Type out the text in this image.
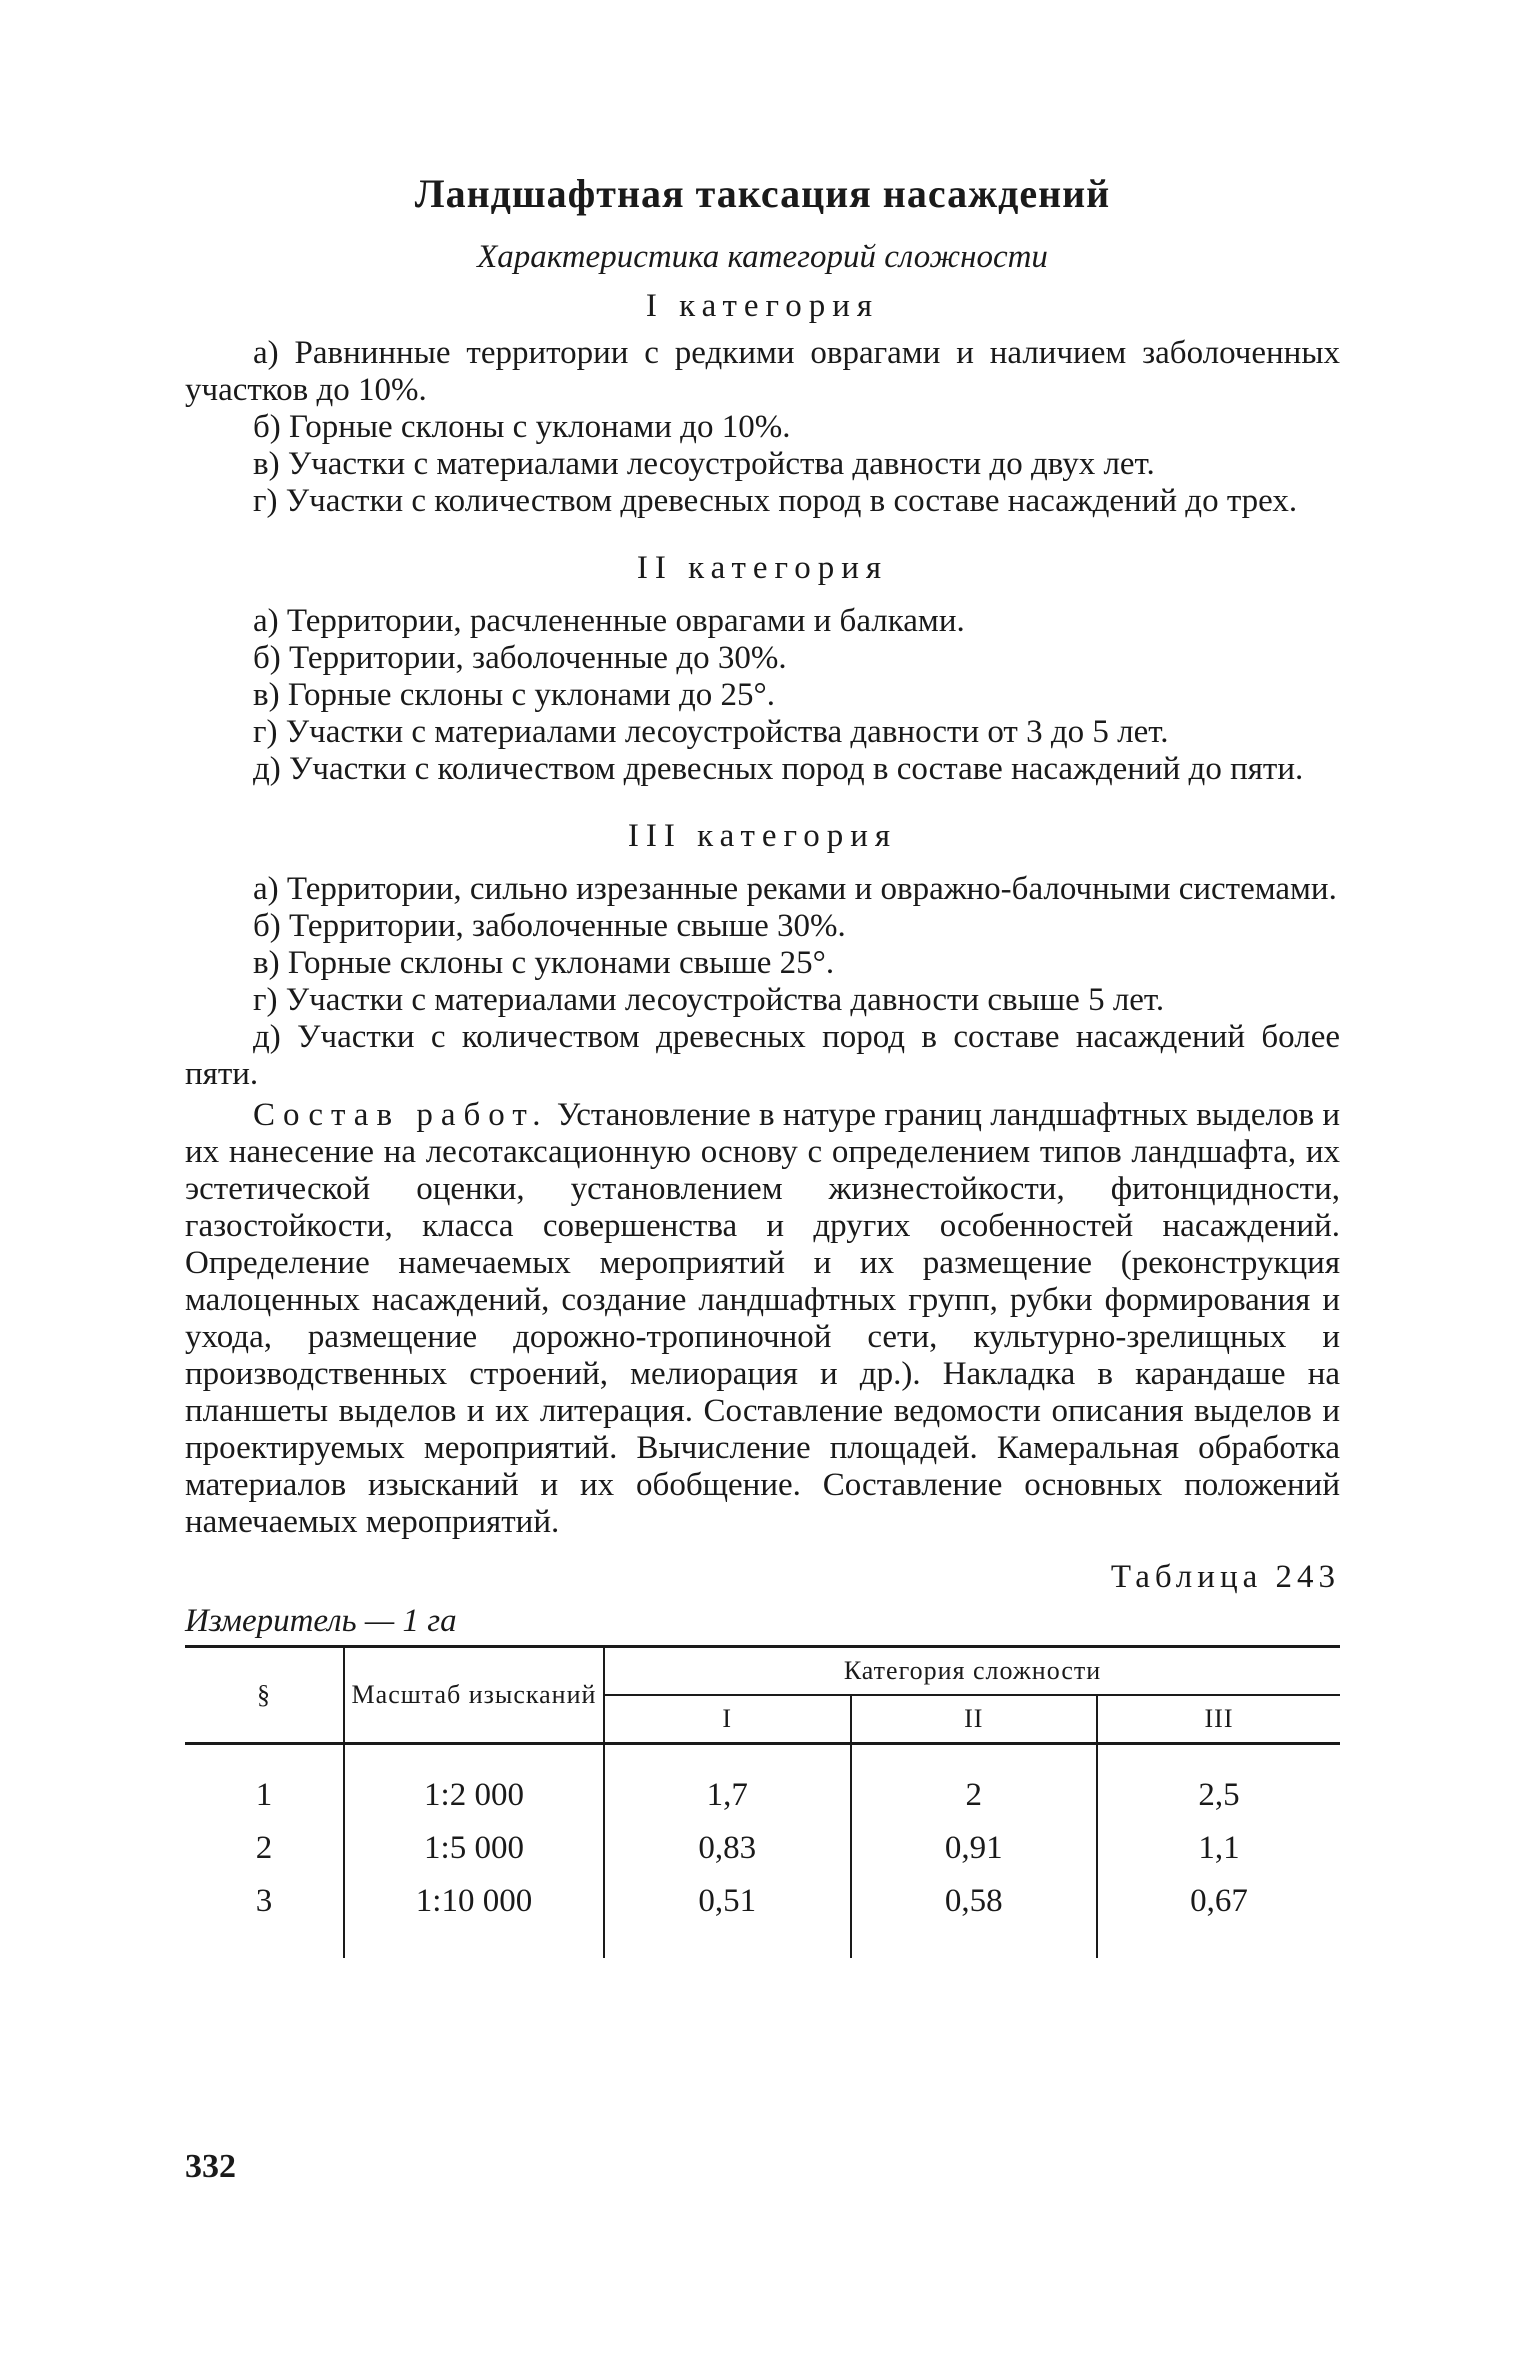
Ландшафтная таксация насаждений
Характеристика категорий сложности
I категория

а) Равнинные территории с редкими оврагами и наличием заболоченных участков до 10%.

б) Горные склоны с уклонами до 10%.

в) Участки с материалами лесоустройства давности до двух лет.

г) Участки с количеством древесных пород в составе насаждений до трех.

II категория

а) Территории, расчлененные оврагами и балками.

б) Территории, заболоченные до 30%.

в) Горные склоны с уклонами до 25°.

г) Участки с материалами лесоустройства давности от 3 до 5 лет.

д) Участки с количеством древесных пород в составе насаждений до пяти.

III категория

а) Территории, сильно изрезанные реками и овражно-балочными системами.

б) Территории, заболоченные свыше 30%.

в) Горные склоны с уклонами свыше 25°.

г) Участки с материалами лесоустройства давности свыше 5 лет.

д) Участки с количеством древесных пород в составе насаждений более пяти.

Состав работ. Установление в натуре границ ландшафтных выделов и их нанесение на лесотаксационную основу с определением типов ландшафта, их эстетической оценки, установлением жизнестойкости, фитонцидности, газостойкости, класса совершенства и других особенностей насаждений. Определение намечаемых мероприятий и их размещение (реконструкция малоценных насаждений, создание ландшафтных групп, рубки формирования и ухода, размещение дорожно-тропиночной сети, культурно-зрелищных и производственных строений, мелиорация и др.). Накладка в карандаше на планшеты выделов и их литерация. Составление ведомости описания выделов и проектируемых мероприятий. Вычисление площадей. Камеральная обработка материалов изысканий и их обобщение. Составление основных положений намечаемых мероприятий.

Таблица 243
Измеритель — 1 га
§	Масштаб изысканий	Категория сложности		
		I	II	III
1	1:2 000	1,7	2	2,5
2	1:5 000	0,83	0,91	1,1
3	1:10 000	0,51	0,58	0,67
332
